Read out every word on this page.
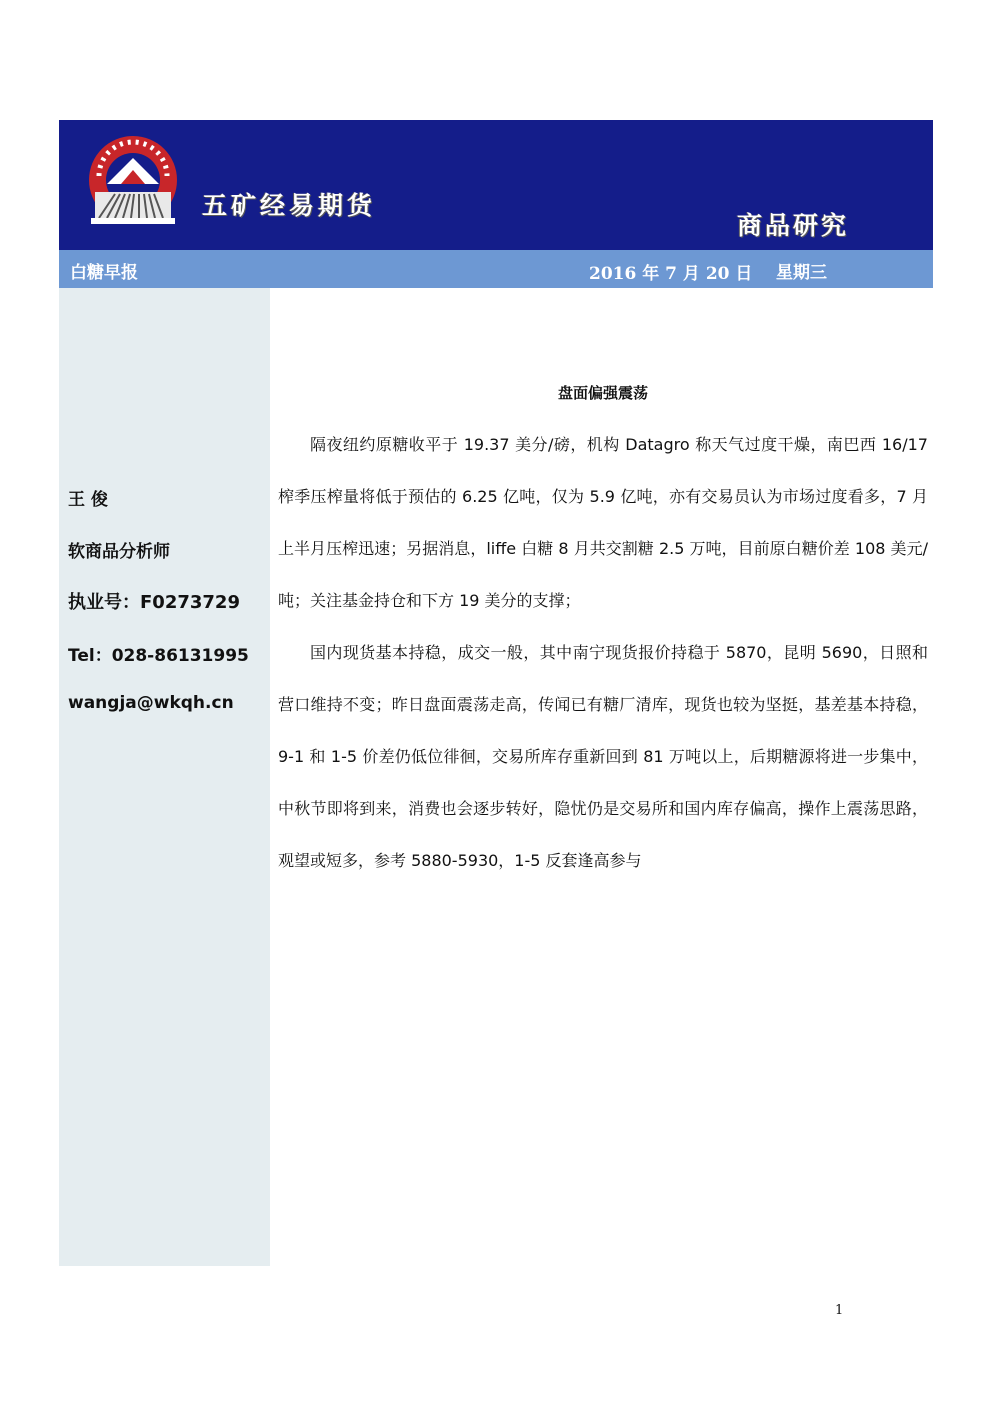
五矿经易期货
商品研究
白糖早报	2016 年 7 月 20 日 星期三
王 俊
软商品分析师
执业号：F0273729
Tel：028-86131995
wangja@wkqh.cn
盘面偏强震荡

隔夜纽约原糖收平于 19.37 美分/磅，机构 Datagro 称天气过度干燥，南巴西 16/17 榨季压榨量将低于预估的 6.25 亿吨，仅为 5.9 亿吨，亦有交易员认为市场过度看多，7 月上半月压榨迅速；另据消息，liffe 白糖 8 月共交割糖 2.5 万吨，目前原白糖价差 108 美元/吨；关注基金持仓和下方 19 美分的支撑；

国内现货基本持稳，成交一般，其中南宁现货报价持稳于 5870，昆明 5690，日照和营口维持不变；昨日盘面震荡走高，传闻已有糖厂清库，现货也较为坚挺，基差基本持稳，9-1 和 1-5 价差仍低位徘徊，交易所库存重新回到 81 万吨以上，后期糖源将进一步集中，中秋节即将到来，消费也会逐步转好，隐忧仍是交易所和国内库存偏高，操作上震荡思路，观望或短多，参考 5880-5930，1-5 反套逢高参与

1
